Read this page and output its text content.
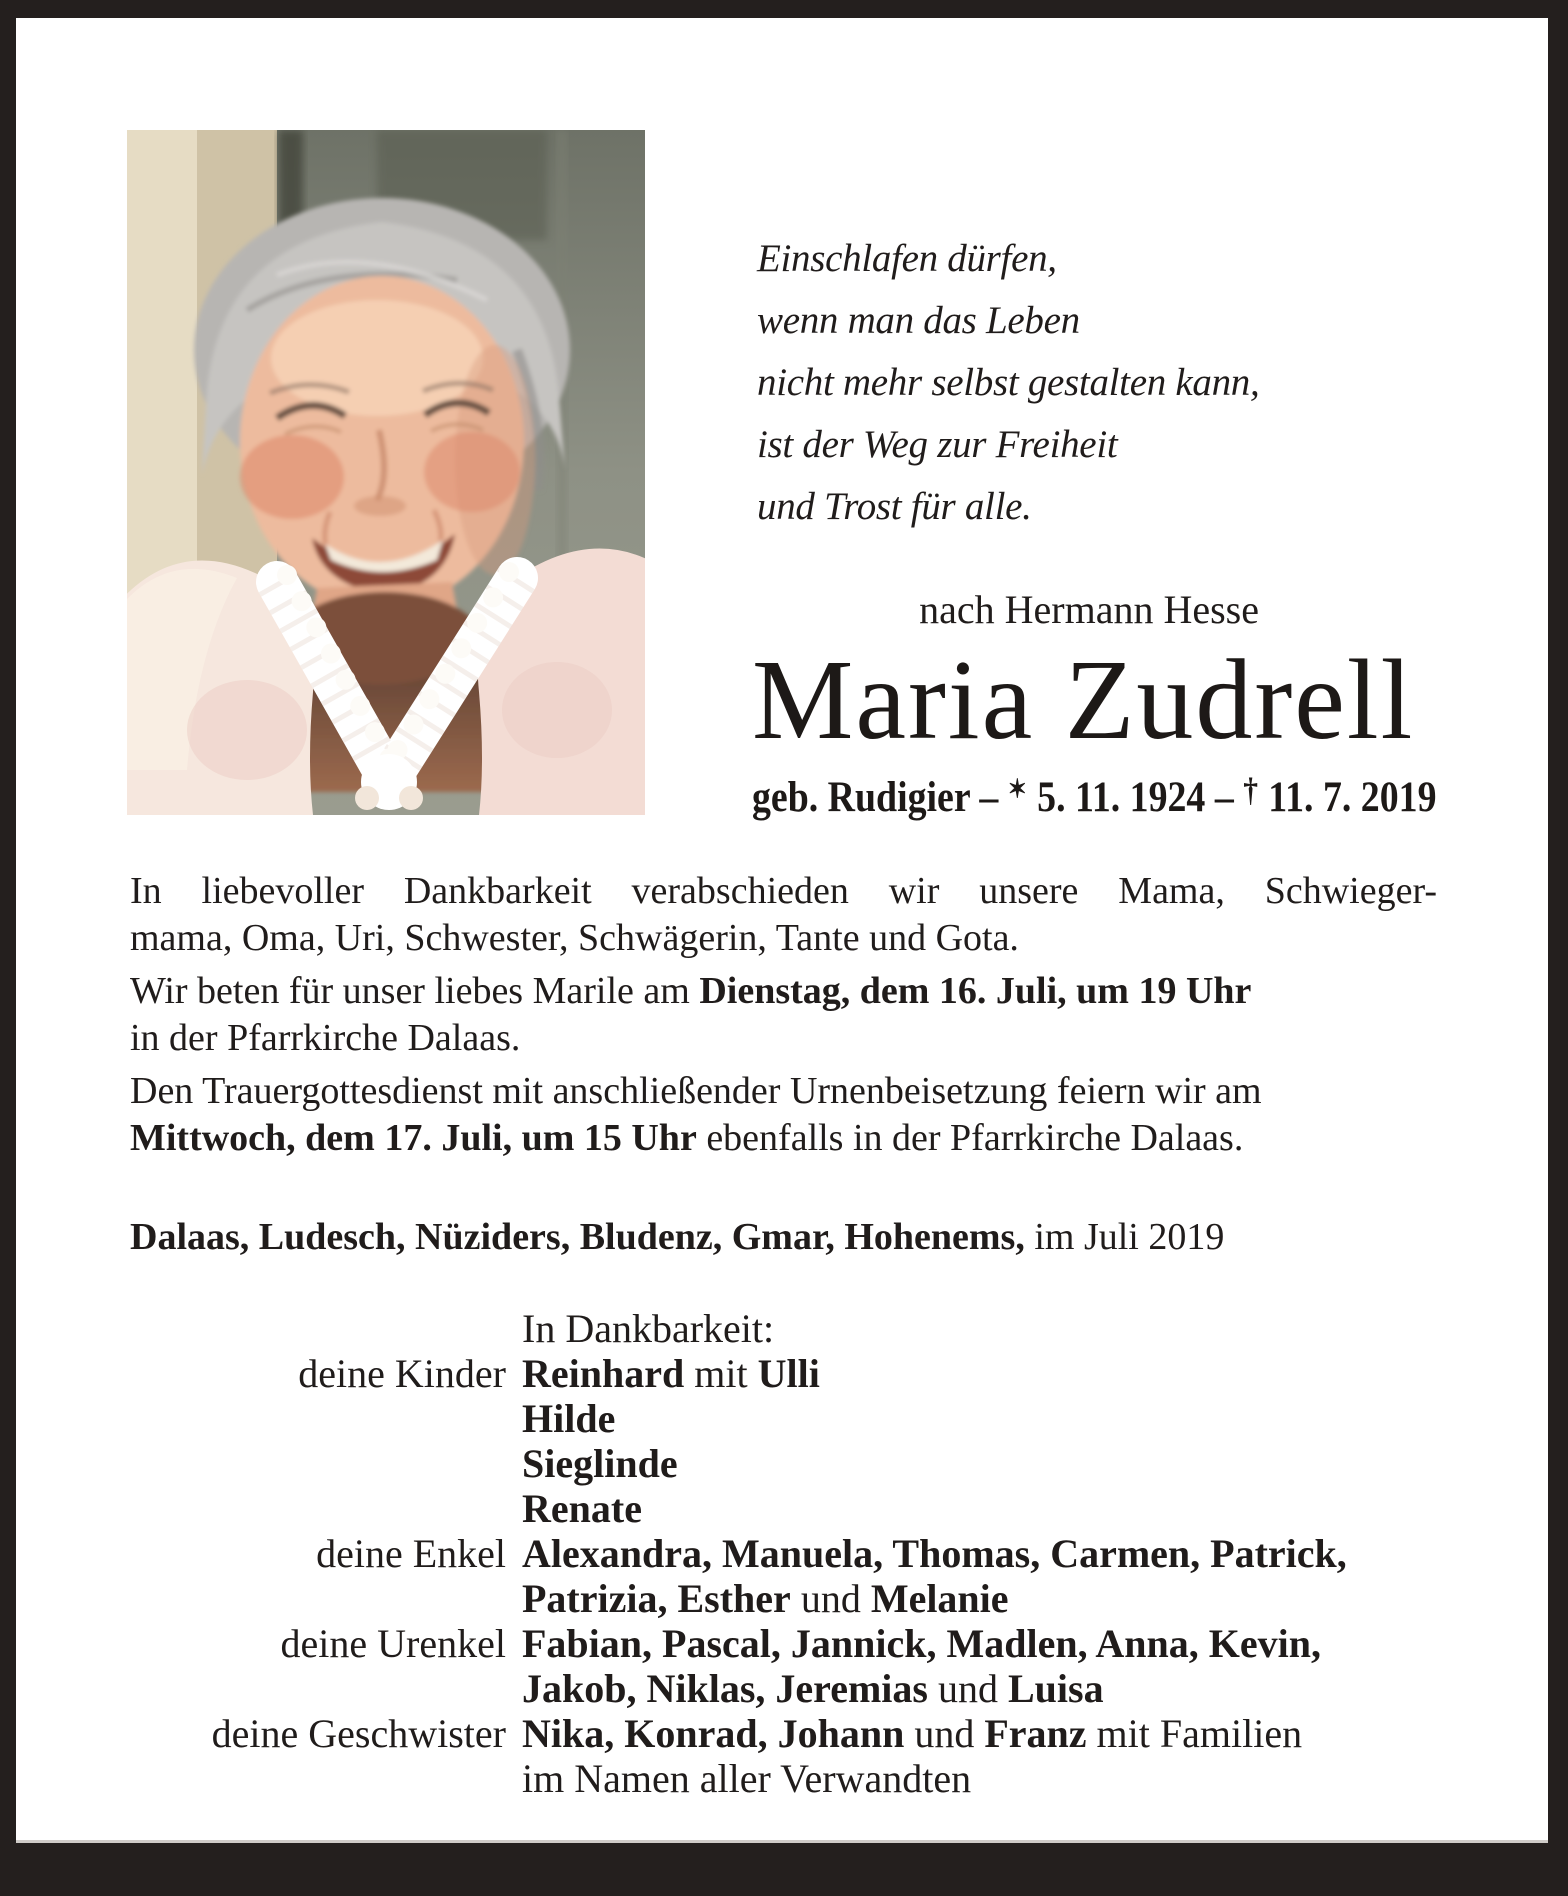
Einschlafen dürfen,
wenn man das Leben
nicht mehr selbst gestalten kann,
ist der Weg zur Freiheit
und Trost für alle.
nach Hermann Hesse
Maria Zudrell
geb. Rudigier – ✶ 5. 11. 1924 – † 11. 7. 2019
In liebevoller Dankbarkeit verabschieden wir unsere Mama, Schwieger-
mama, Oma, Uri, Schwester, Schwägerin, Tante und Gota.
Wir beten für unser liebes Marile am Dienstag, dem 16. Juli, um 19 Uhr
in der Pfarrkirche Dalaas.
Den Trauergottesdienst mit anschließender Urnenbeisetzung feiern wir am
Mittwoch, dem 17. Juli, um 15 Uhr ebenfalls in der Pfarrkirche Dalaas.
Dalaas, Ludesch, Nüziders, Bludenz, Gmar, Hohenems, im Juli 2019
In Dankbarkeit:
deine Kinder Reinhard mit Ulli
Hilde
Sieglinde
Renate
deine Enkel Alexandra, Manuela, Thomas, Carmen, Patrick,
Patrizia, Esther und Melanie
deine Urenkel Fabian, Pascal, Jannick, Madlen, Anna, Kevin,
Jakob, Niklas, Jeremias und Luisa
deine Geschwister Nika, Konrad, Johann und Franz mit Familien
im Namen aller Verwandten
